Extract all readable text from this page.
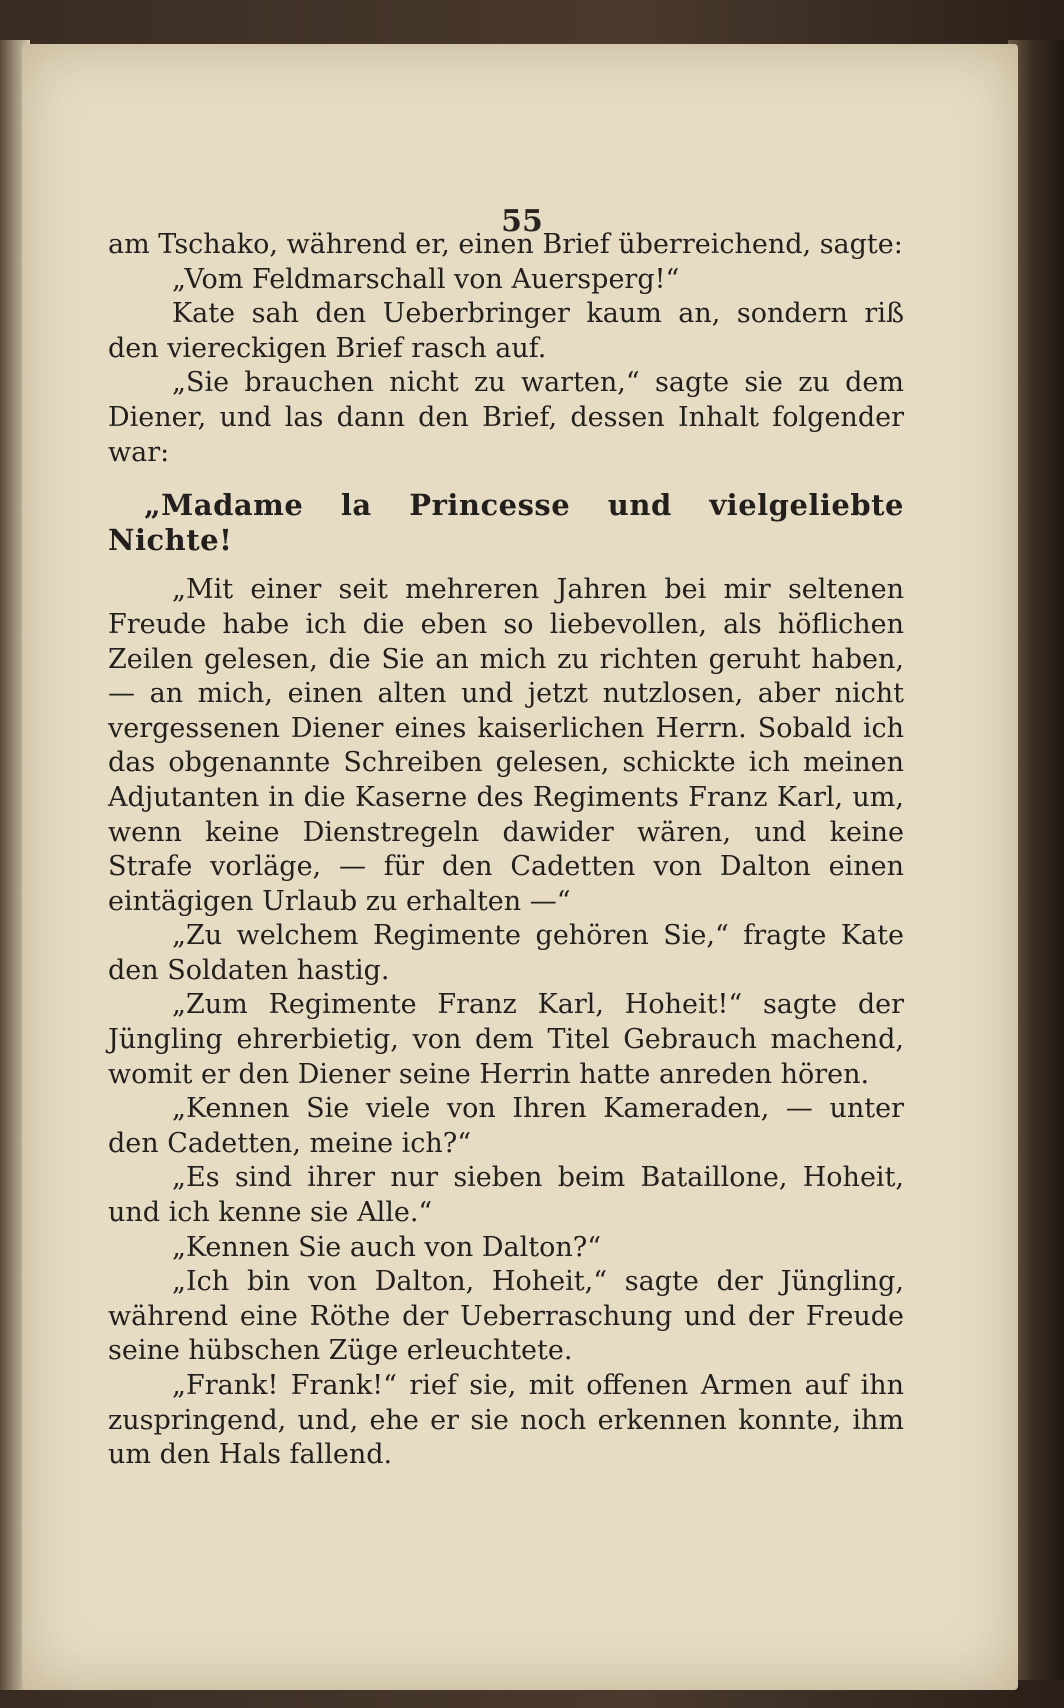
55

am Tschako, während er, einen Brief überreichend, sagte:

„Vom Feldmarschall von Auersperg!“

Kate sah den Ueberbringer kaum an, sondern riß den viereckigen Brief rasch auf.

„Sie brauchen nicht zu warten,“ sagte sie zu dem Diener, und las dann den Brief, dessen Inhalt folgender war:

„Madame la Princesse und vielgeliebte Nichte!

„Mit einer seit mehreren Jahren bei mir seltenen Freude habe ich die eben so liebevollen, als höflichen Zeilen gelesen, die Sie an mich zu richten geruht haben, — an mich, einen alten und jetzt nutzlosen, aber nicht vergessenen Diener eines kaiserlichen Herrn. Sobald ich das obgenannte Schreiben gelesen, schickte ich meinen Adjutanten in die Kaserne des Regiments Franz Karl, um, wenn keine Dienstregeln dawider wären, und keine Strafe vorläge, — für den Cadetten von Dalton einen eintägigen Urlaub zu erhalten —“

„Zu welchem Regimente gehören Sie,“ fragte Kate den Soldaten hastig.

„Zum Regimente Franz Karl, Hoheit!“ sagte der Jüngling ehrerbietig, von dem Titel Gebrauch machend, womit er den Diener seine Herrin hatte anreden hören.

„Kennen Sie viele von Ihren Kameraden, — unter den Cadetten, meine ich?“

„Es sind ihrer nur sieben beim Bataillone, Hoheit, und ich kenne sie Alle.“

„Kennen Sie auch von Dalton?“

„Ich bin von Dalton, Hoheit,“ sagte der Jüngling, während eine Röthe der Ueberraschung und der Freude seine hübschen Züge erleuchtete.

„Frank! Frank!“ rief sie, mit offenen Armen auf ihn zuspringend, und, ehe er sie noch erkennen konnte, ihm um den Hals fallend.
